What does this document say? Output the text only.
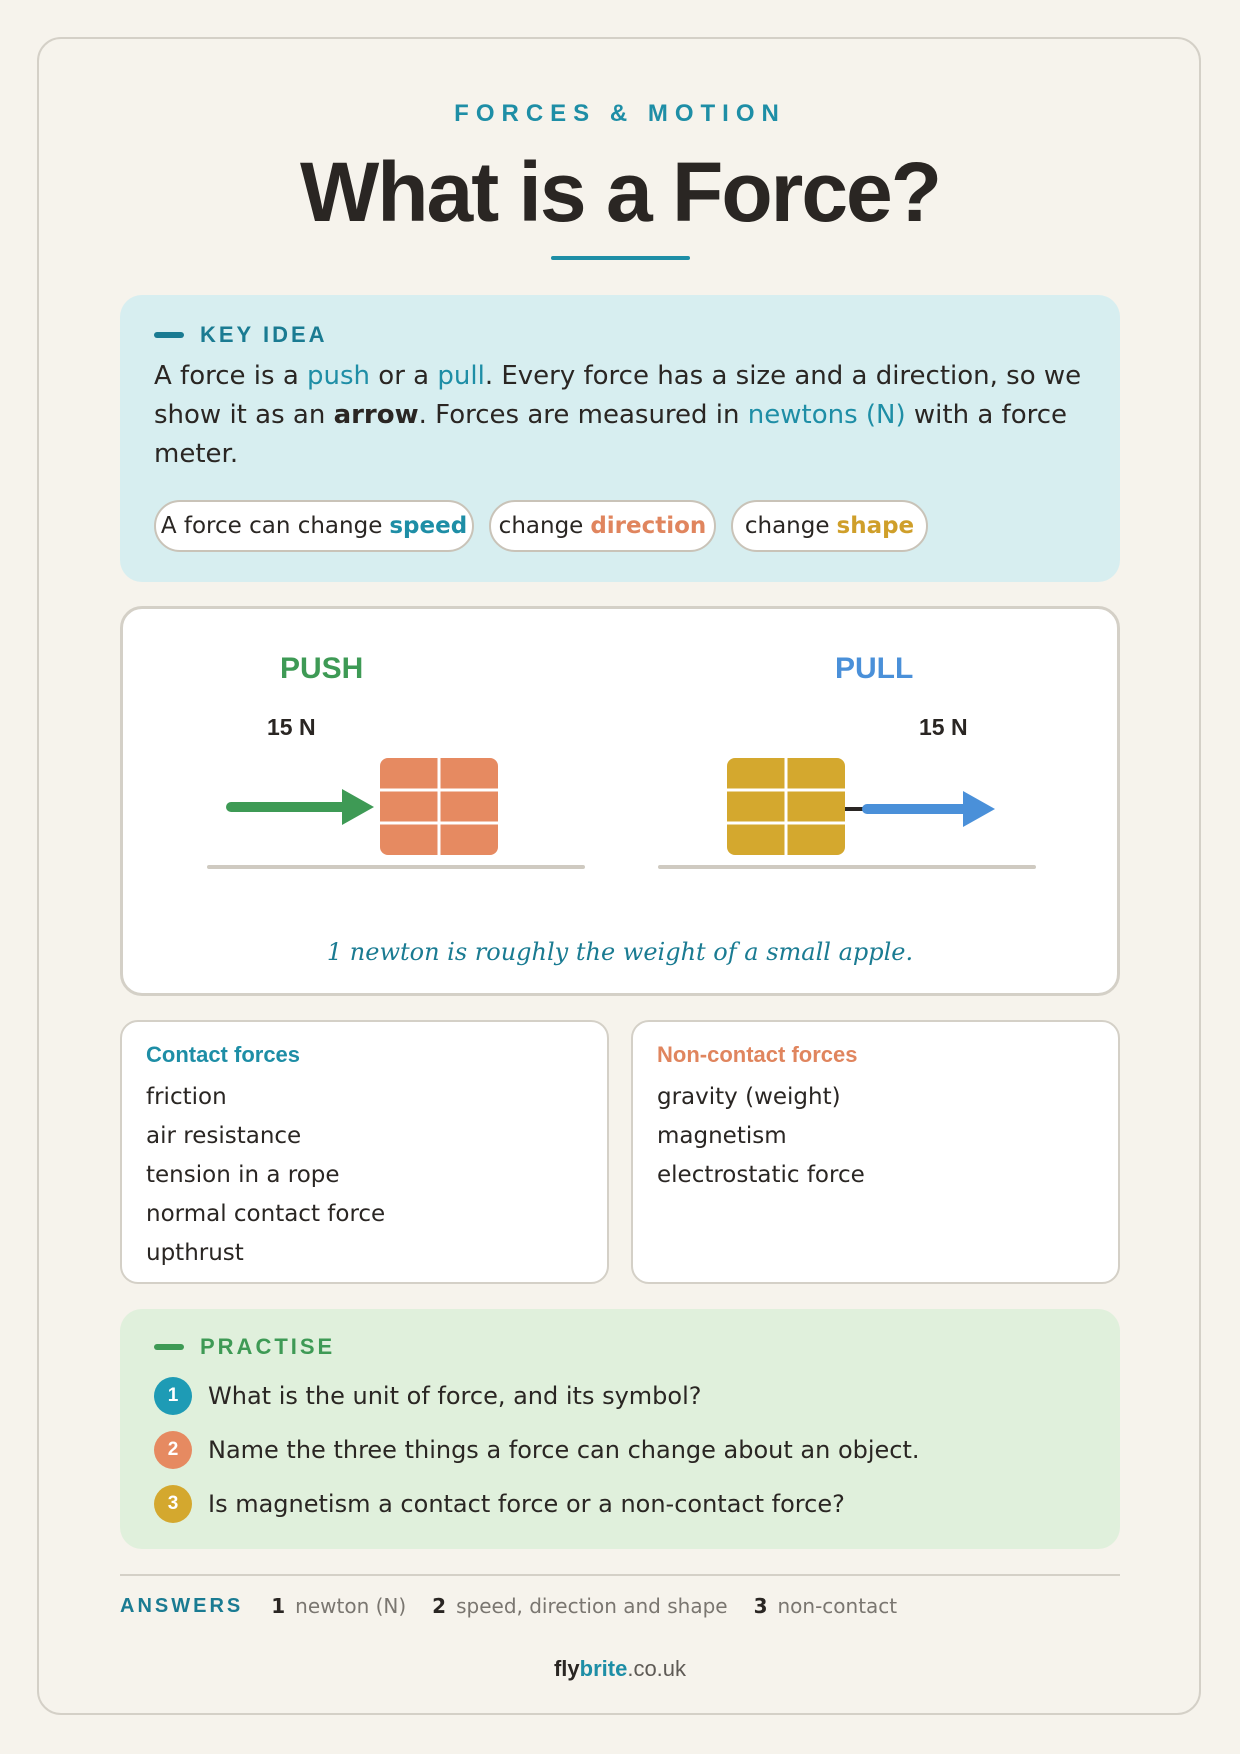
FORCES & MOTION
What is a Force?
KEY IDEA

A force is a push or a pull. Every force has a size and a direction, so we show it as an arrow. Forces are measured in newtons (N) with a force meter.

A force can change speed change direction change shape
PUSH	PULL
15 N	15 N
1 newton is roughly the weight of a small apple.
Contact forces
friction
air resistance
tension in a rope
normal contact force
upthrust
Non-contact forces
gravity (weight)
magnetism
electrostatic force
PRACTISE
1	What is the unit of force, and its symbol?
2	Name the three things a force can change about an object.
3	Is magnetism a contact force or a non-contact force?
ANSWERS 1 newton (N) 2 speed, direction and shape 3 non-contact
flybrite.co.uk
